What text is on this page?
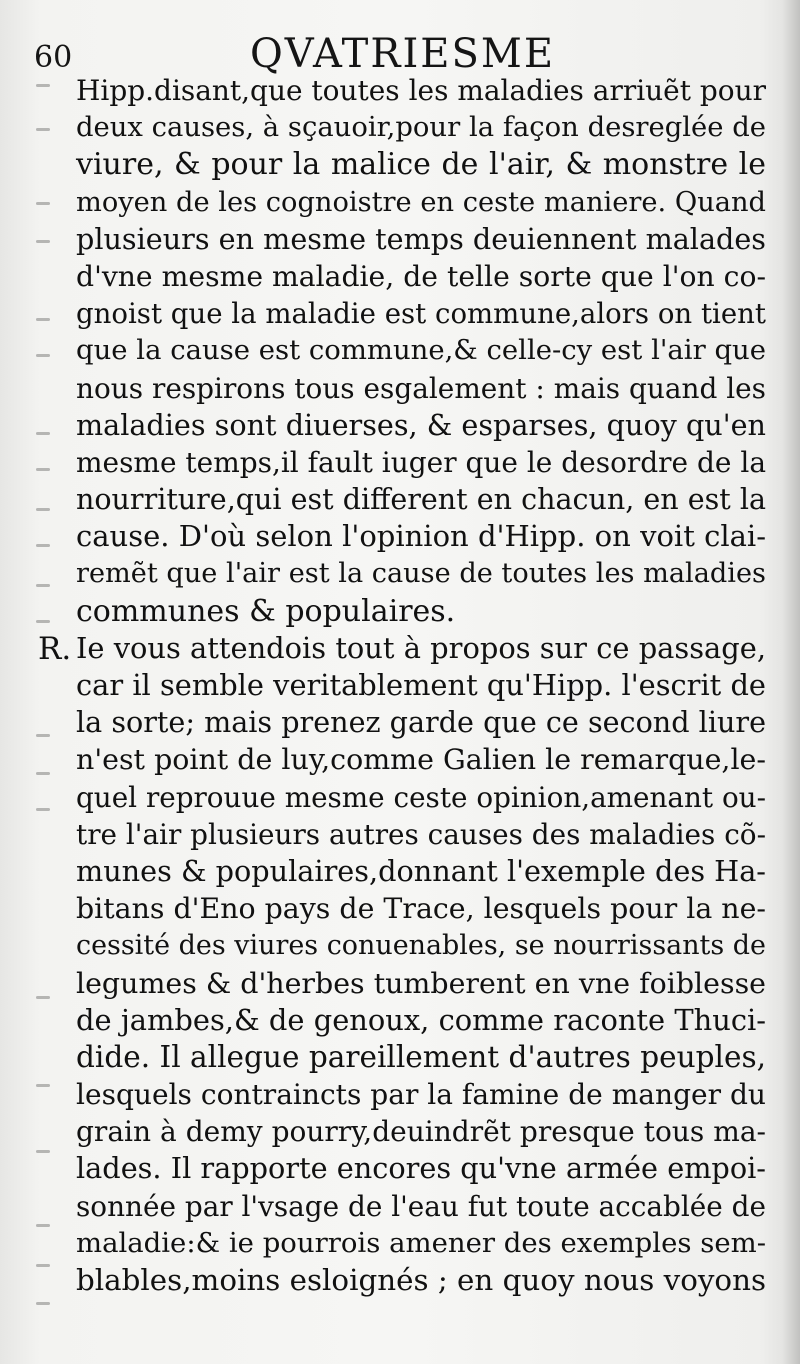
60	QVATRIESME
R.
Hipp.disant,que toutes les maladies arriuẽt pour
deux causes, à sçauoir,pour la façon desreglée de
viure, & pour la malice de l'air, & monstre le
moyen de les cognoistre en ceste maniere. Quand
plusieurs en mesme temps deuiennent malades
d'vne mesme maladie, de telle sorte que l'on co-
gnoist que la maladie est commune,alors on tient
que la cause est commune,& celle-cy est l'air que
nous respirons tous esgalement : mais quand les
maladies sont diuerses, & esparses, quoy qu'en
mesme temps,il fault iuger que le desordre de la
nourriture,qui est different en chacun, en est la
cause. D'où selon l'opinion d'Hipp. on voit clai-
remẽt que l'air est la cause de toutes les maladies
communes & populaires.
Ie vous attendois tout à propos sur ce passage,
car il semble veritablement qu'Hipp. l'escrit de
la sorte; mais prenez garde que ce second liure
n'est point de luy,comme Galien le remarque,le-
quel reprouue mesme ceste opinion,amenant ou-
tre l'air plusieurs autres causes des maladies cõ-
munes & populaires,donnant l'exemple des Ha-
bitans d'Eno pays de Trace, lesquels pour la ne-
cessité des viures conuenables, se nourrissants de
legumes & d'herbes tumberent en vne foiblesse
de jambes,& de genoux, comme raconte Thuci-
dide. Il allegue pareillement d'autres peuples,
lesquels contraincts par la famine de manger du
grain à demy pourry,deuindrẽt presque tous ma-
lades. Il rapporte encores qu'vne armée empoi-
sonnée par l'vsage de l'eau fut toute accablée de
maladie:& ie pourrois amener des exemples sem-
blables,moins esloignés ; en quoy nous voyons
